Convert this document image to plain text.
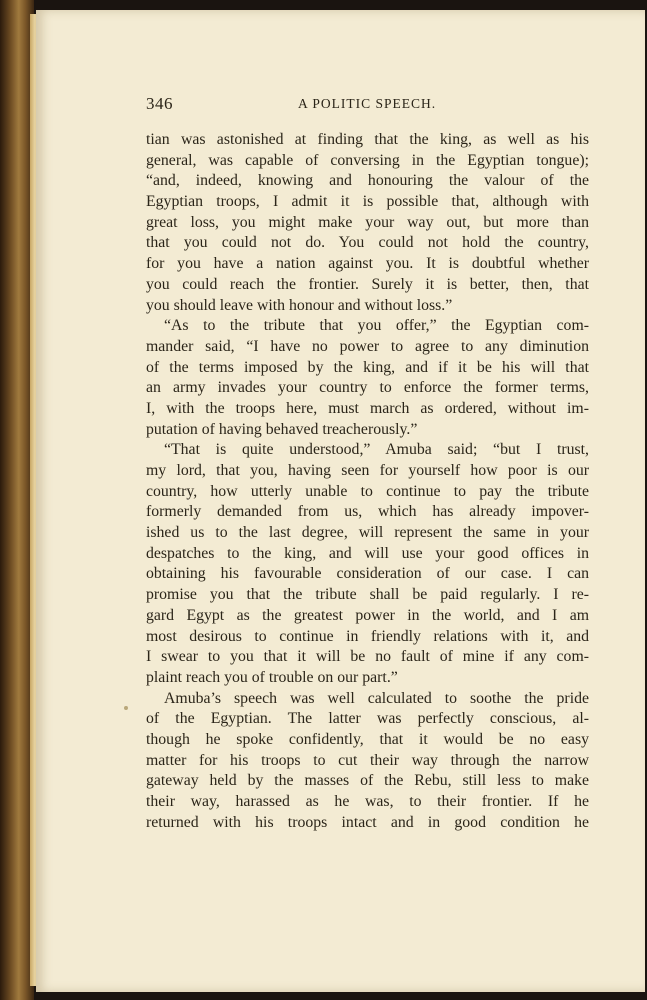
346	A POLITIC SPEECH.
tian was astonished at finding that the king, as well as his
general, was capable of conversing in the Egyptian tongue);
“and, indeed, knowing and honouring the valour of the
Egyptian troops, I admit it is possible that, although with
great loss, you might make your way out, but more than
that you could not do. You could not hold the country,
for you have a nation against you. It is doubtful whether
you could reach the frontier. Surely it is better, then, that
you should leave with honour and without loss.”
“As to the tribute that you offer,” the Egyptian com-
mander said, “I have no power to agree to any diminution
of the terms imposed by the king, and if it be his will that
an army invades your country to enforce the former terms,
I, with the troops here, must march as ordered, without im-
putation of having behaved treacherously.”
“That is quite understood,” Amuba said; “but I trust,
my lord, that you, having seen for yourself how poor is our
country, how utterly unable to continue to pay the tribute
formerly demanded from us, which has already impover-
ished us to the last degree, will represent the same in your
despatches to the king, and will use your good offices in
obtaining his favourable consideration of our case. I can
promise you that the tribute shall be paid regularly. I re-
gard Egypt as the greatest power in the world, and I am
most desirous to continue in friendly relations with it, and
I swear to you that it will be no fault of mine if any com-
plaint reach you of trouble on our part.”
Amuba’s speech was well calculated to soothe the pride
of the Egyptian. The latter was perfectly conscious, al-
though he spoke confidently, that it would be no easy
matter for his troops to cut their way through the narrow
gateway held by the masses of the Rebu, still less to make
their way, harassed as he was, to their frontier. If he
returned with his troops intact and in good condition he
